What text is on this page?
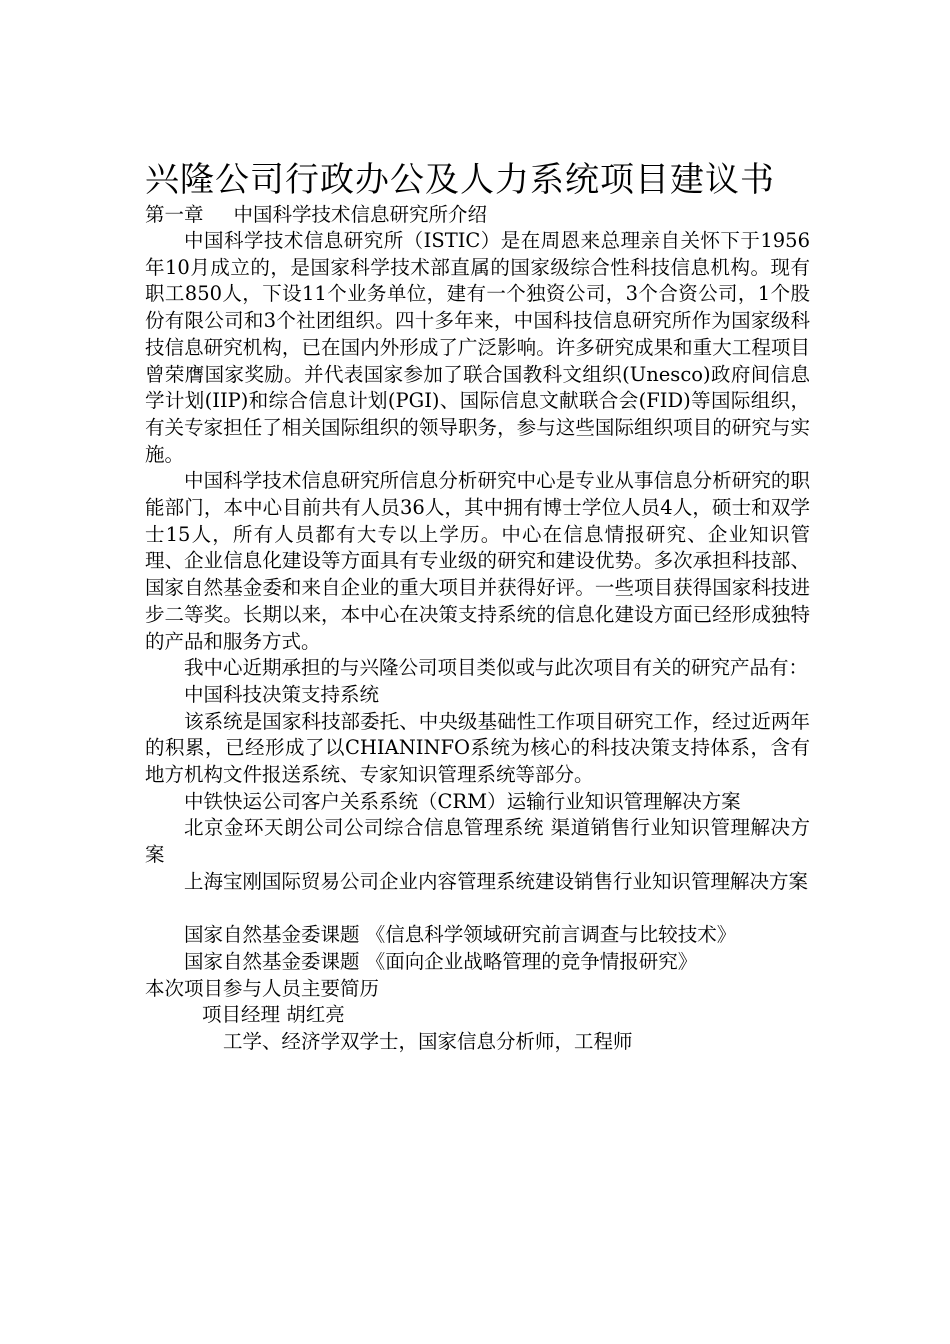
兴隆公司行政办公及人力系统项目建议书
第一章 中国科学技术信息研究所介绍

中国科学技术信息研究所（ISTIC）是在周恩来总理亲自关怀下于1956年10月成立的，是国家科学技术部直属的国家级综合性科技信息机构。现有职工850人，下设11个业务单位，建有一个独资公司，3个合资公司，1个股份有限公司和3个社团组织。四十多年来，中国科技信息研究所作为国家级科技信息研究机构，已在国内外形成了广泛影响。许多研究成果和重大工程项目曾荣膺国家奖励。并代表国家参加了联合国教科文组织(Unesco)政府间信息学计划(IIP)和综合信息计划(PGI)、国际信息文献联合会(FID)等国际组织，有关专家担任了相关国际组织的领导职务，参与这些国际组织项目的研究与实施。

中国科学技术信息研究所信息分析研究中心是专业从事信息分析研究的职能部门，本中心目前共有人员36人，其中拥有博士学位人员4人，硕士和双学士15人，所有人员都有大专以上学历。中心在信息情报研究、企业知识管理、企业信息化建设等方面具有专业级的研究和建设优势。多次承担科技部、国家自然基金委和来自企业的重大项目并获得好评。一些项目获得国家科技进步二等奖。长期以来，本中心在决策支持系统的信息化建设方面已经形成独特的产品和服务方式。

我中心近期承担的与兴隆公司项目类似或与此次项目有关的研究产品有：

中国科技决策支持系统

该系统是国家科技部委托、中央级基础性工作项目研究工作，经过近两年的积累，已经形成了以CHIANINFO系统为核心的科技决策支持体系，含有地方机构文件报送系统、专家知识管理系统等部分。

中铁快运公司客户关系系统（CRM）运输行业知识管理解决方案

北京金环天朗公司公司综合信息管理系统 渠道销售行业知识管理解决方案

上海宝刚国际贸易公司企业内容管理系统建设销售行业知识管理解决方案

国家自然基金委课题 《信息科学领域研究前言调查与比较技术》

国家自然基金委课题 《面向企业战略管理的竞争情报研究》

本次项目参与人员主要简历

项目经理 胡红亮

工学、经济学双学士，国家信息分析师，工程师
